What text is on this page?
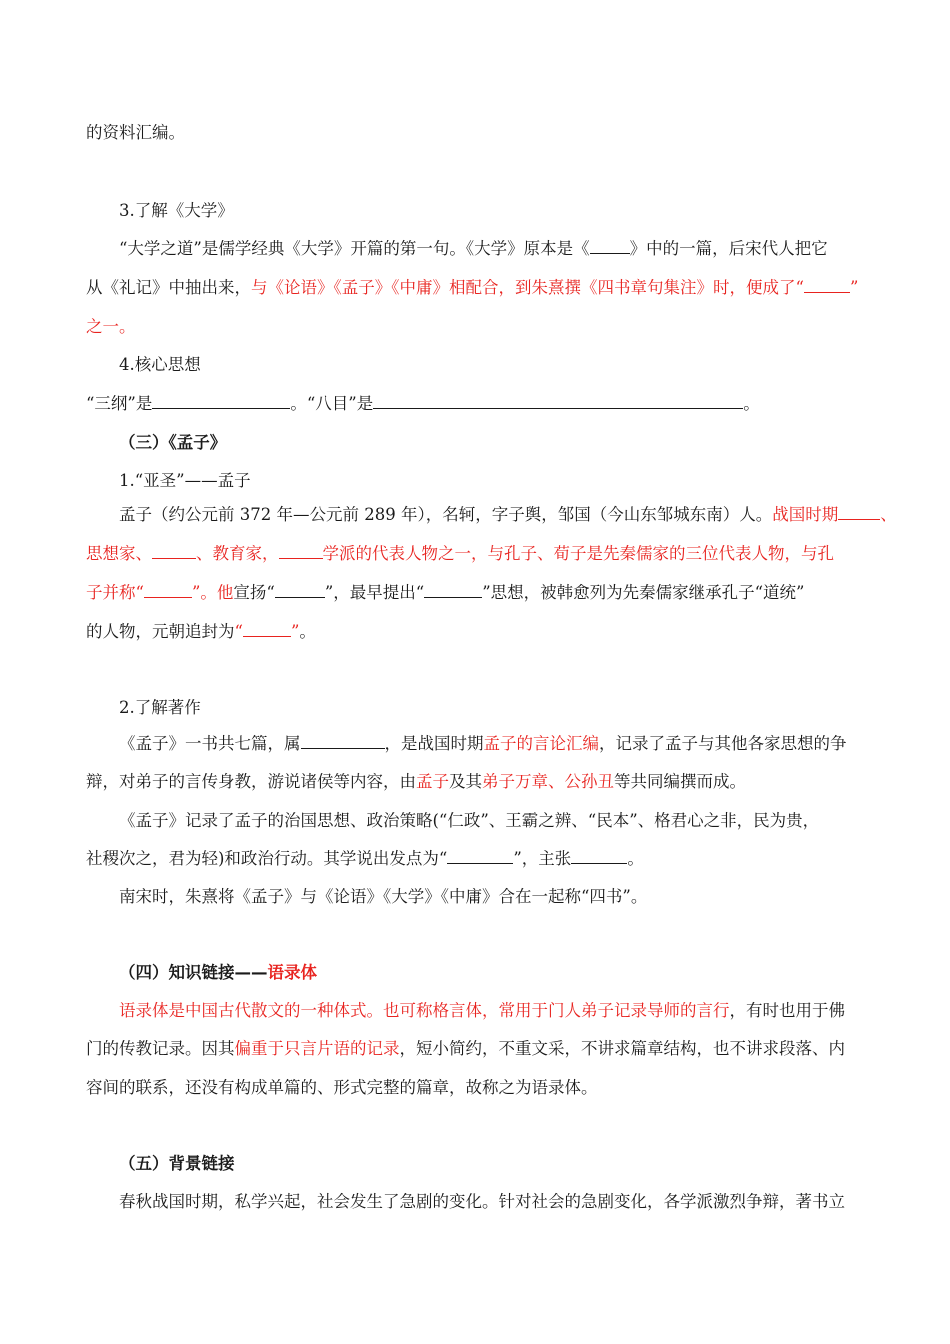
的资料汇编。
3.了解《大学》
“大学之道”是儒学经典《大学》开篇的第一句。《大学》原本是《 》中的一篇，后宋代人把它
从《礼记》中抽出来，与《论语》《孟子》《中庸》相配合，到朱熹撰《四书章句集注》时，便成了“	”
之一。
4.核心思想
“三纲”是	。“八目”是	。
（三）《孟子》
1.“亚圣”——孟子
孟子（约公元前 372 年—公元前 289 年），名轲，字子舆，邹国（今山东邹城东南）人。战国时期	、
思想家、	、教育家，	学派的代表人物之一，与孔子、荀子是先秦儒家的三位代表人物，与孔
子并称“	”。他宣扬“	”，最早提出“	”思想，被韩愈列为先秦儒家继承孔子“道统”
的人物，元朝追封为“	”。
2.了解著作
《孟子》一书共七篇，属	，是战国时期孟子的言论汇编，记录了孟子与其他各家思想的争
辩，对弟子的言传身教，游说诸侯等内容，由孟子及其弟子万章、公孙丑等共同编撰而成。
《孟子》记录了孟子的治国思想、政治策略(“仁政”、王霸之辨、“民本”、格君心之非，民为贵，
社稷次之，君为轻)和政治行动。其学说出发点为“	”，主张	。
南宋时，朱熹将《孟子》与《论语》《大学》《中庸》合在一起称“四书”。
（四）知识链接——语录体
语录体是中国古代散文的一种体式。也可称格言体，常用于门人弟子记录导师的言行，有时也用于佛
门的传教记录。因其偏重于只言片语的记录，短小简约，不重文采，不讲求篇章结构，也不讲求段落、内
容间的联系，还没有构成单篇的、形式完整的篇章，故称之为语录体。
（五）背景链接
春秋战国时期，私学兴起，社会发生了急剧的变化。针对社会的急剧变化，各学派激烈争辩，著书立
